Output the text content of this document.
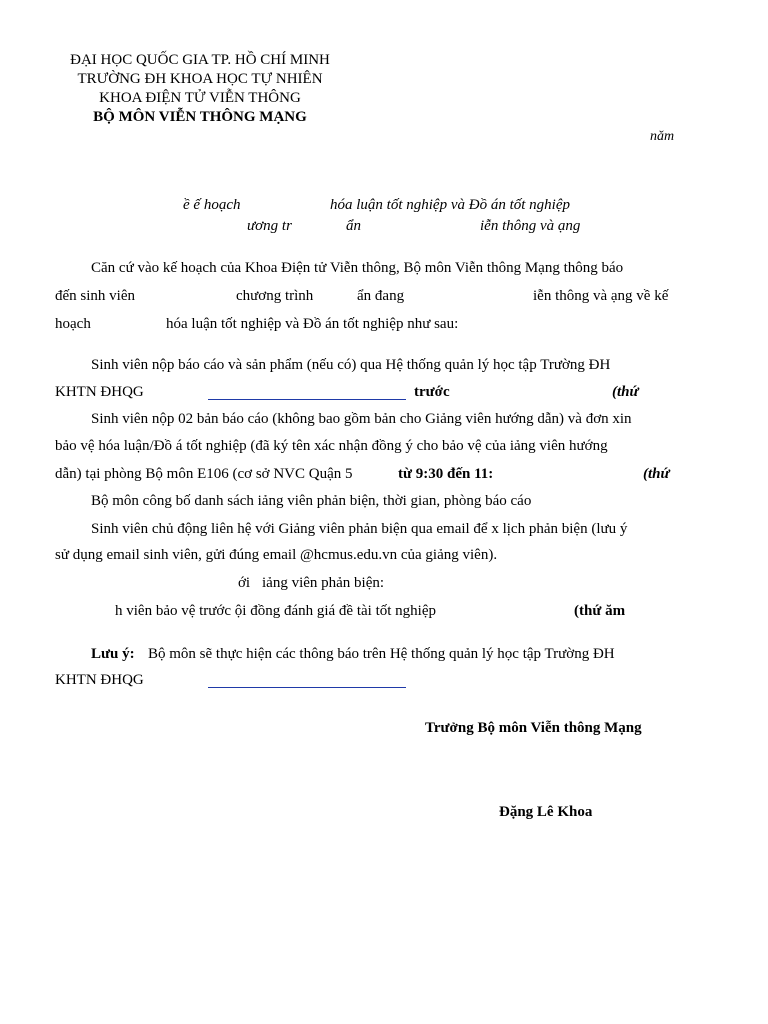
ĐẠI HỌC QUỐC GIA TP. HỒ CHÍ MINH
TRƯỜNG ĐH KHOA HỌC TỰ NHIÊN
KHOA ĐIỆN TỬ VIỄN THÔNG
BỘ MÔN VIỄN THÔNG MẠNG
năm
ề ế hoạch	hóa luận tốt nghiệp và Đồ án tốt nghiệp
ương tr	ẩn	iễn thông và ạng
Căn cứ vào kế hoạch của Khoa Điện tử Viễn thông, Bộ môn Viễn thông Mạng thông báo
đến sinh viên	chương trình	ẩn đang	iễn thông và ạng về kế
hoạch	hóa luận tốt nghiệp và Đồ án tốt nghiệp như sau:
Sinh viên nộp báo cáo và sản phẩm (nếu có) qua Hệ thống quản lý học tập Trường ĐH
KHTN ĐHQG	trước	(thứ
Sinh viên nộp 02 bản báo cáo (không bao gồm bản cho Giảng viên hướng dẫn) và đơn xin
bảo vệ hóa luận/Đồ á tốt nghiệp (đã ký tên xác nhận đồng ý cho bảo vệ của iảng viên hướng
dẫn) tại phòng Bộ môn E106 (cơ sở NVC Quận 5	từ 9:30 đến 11:	(thứ
Bộ môn công bố danh sách iảng viên phản biện, thời gian, phòng báo cáo
Sinh viên chủ động liên hệ với Giảng viên phản biện qua email để x lịch phản biện (lưu ý
sử dụng email sinh viên, gửi đúng email @hcmus.edu.vn của giảng viên).
ới iảng viên phản biện:
h viên bảo vệ trước ội đồng đánh giá đề tài tốt nghiệp	(thứ ăm
Lưu ý: Bộ môn sẽ thực hiện các thông báo trên Hệ thống quản lý học tập Trường ĐH
KHTN ĐHQG
Trưởng Bộ môn Viễn thông Mạng
Đặng Lê Khoa
